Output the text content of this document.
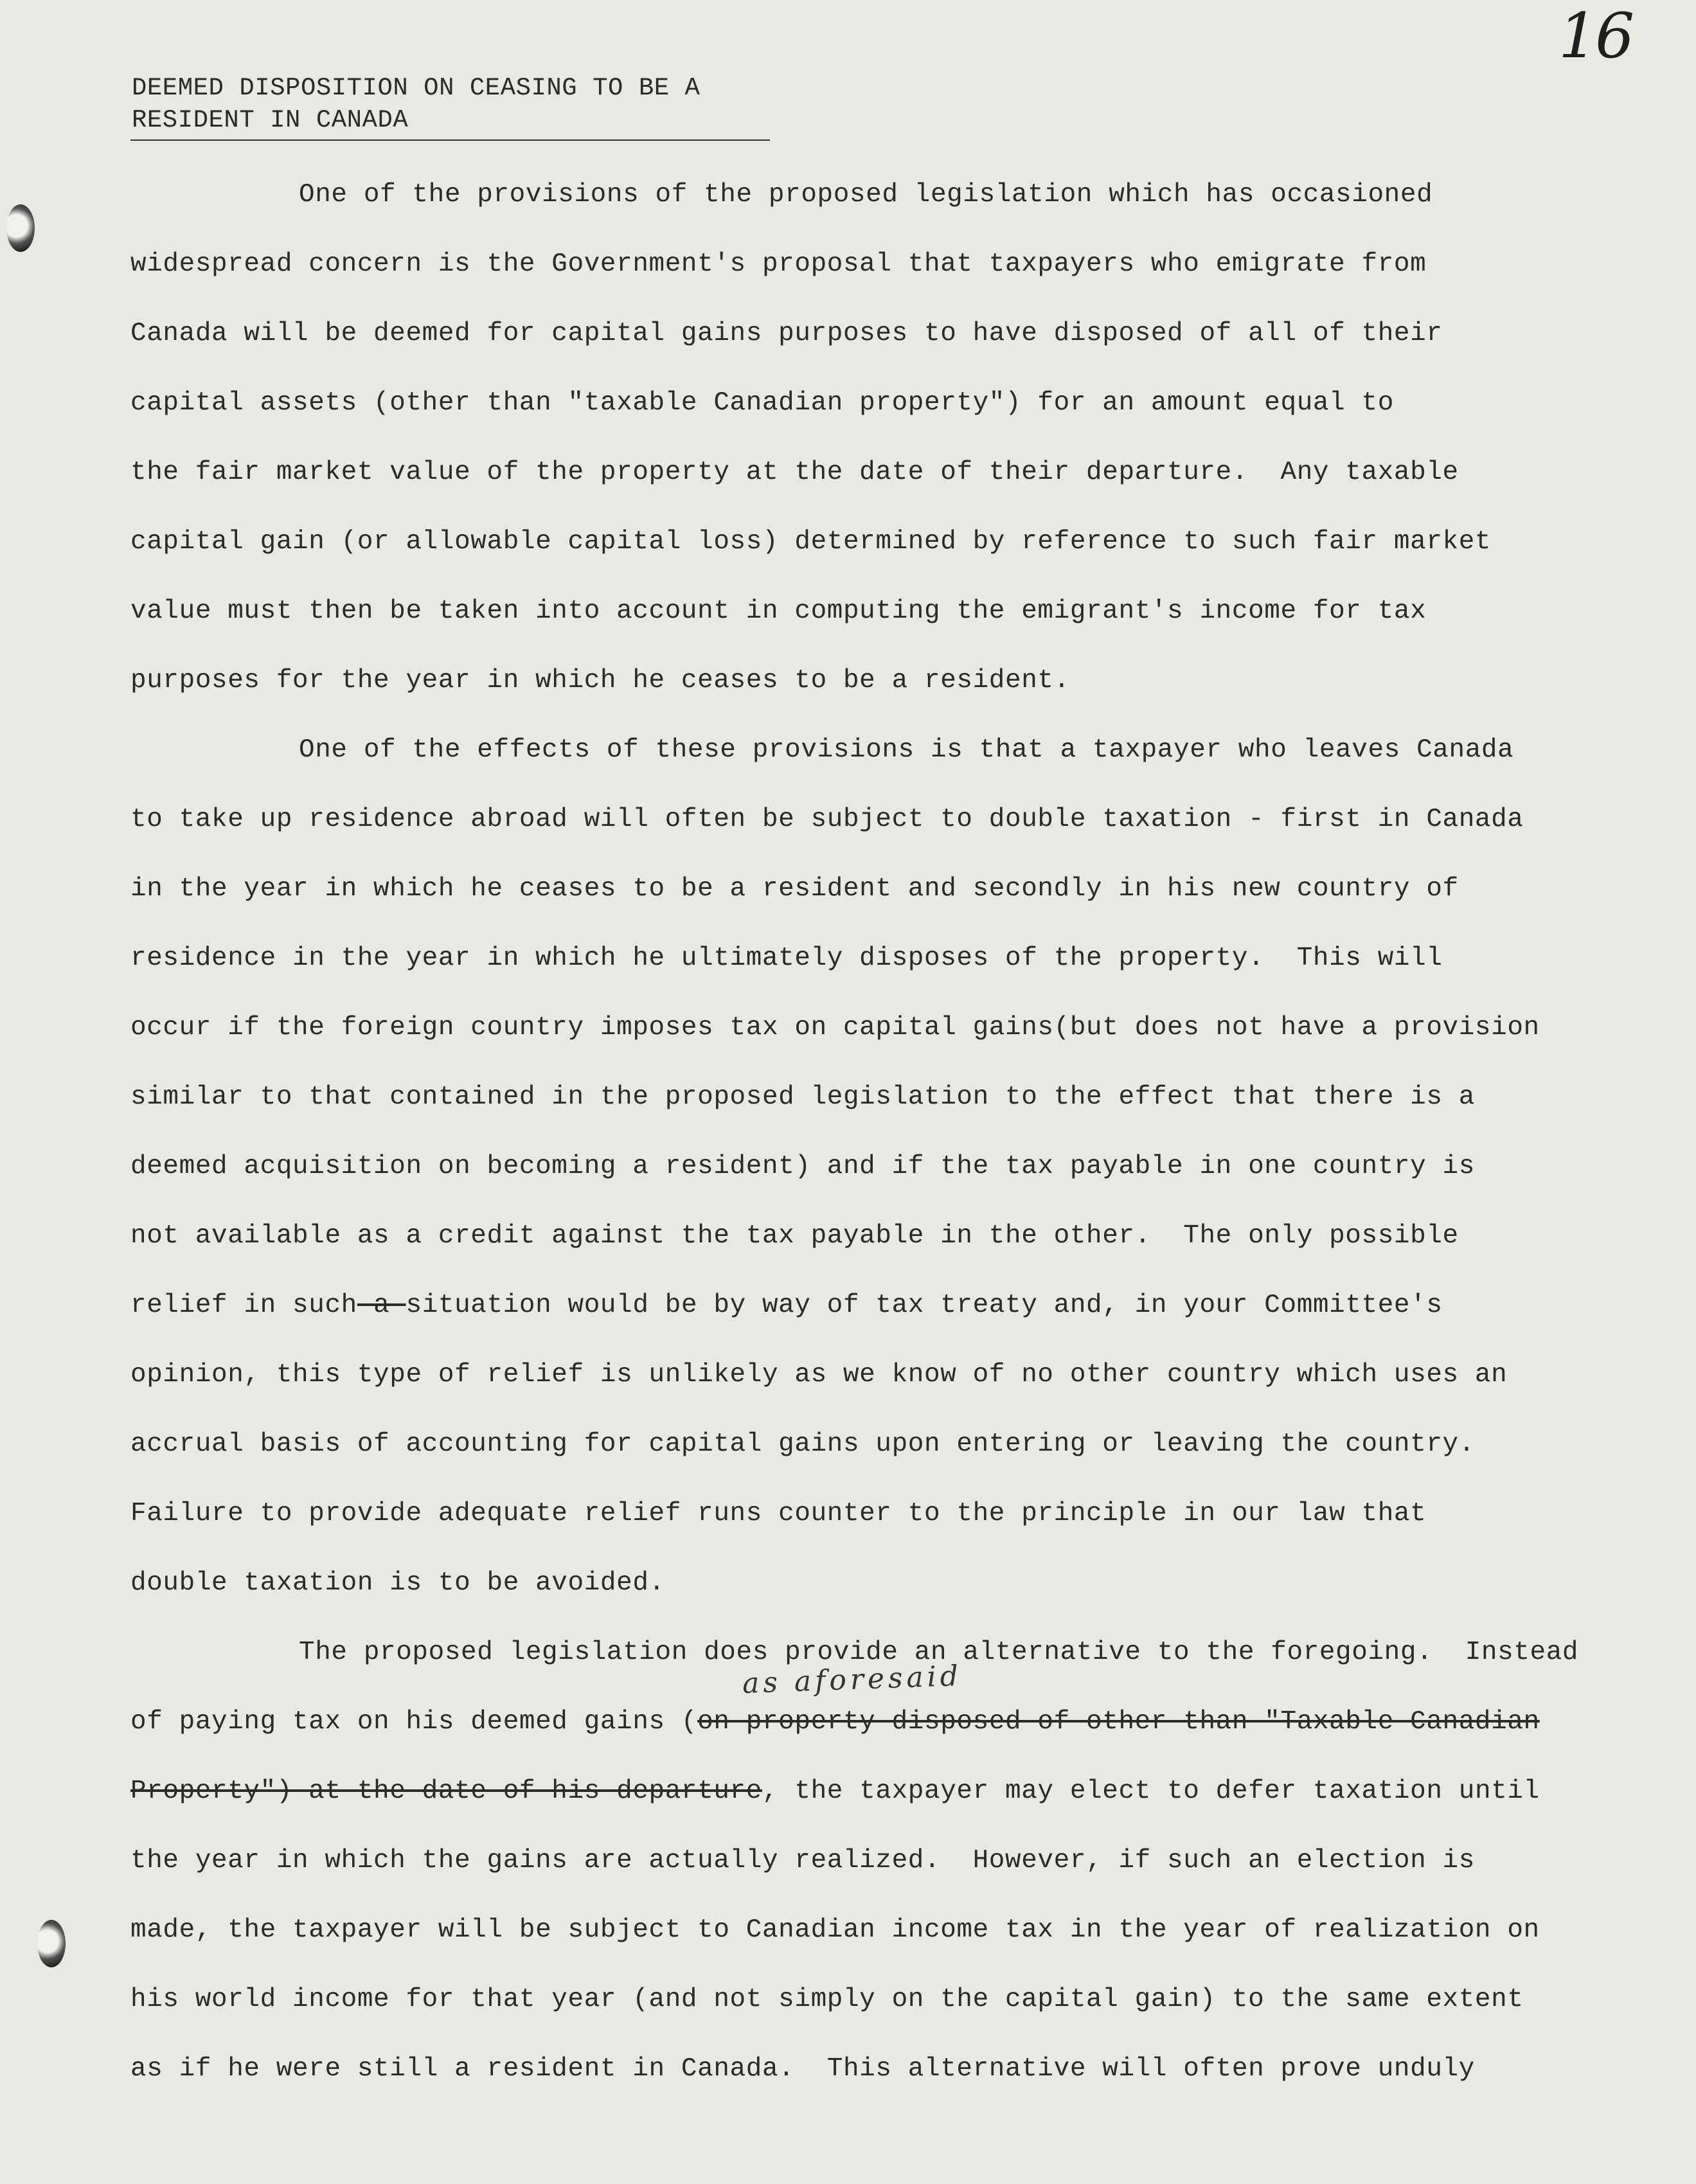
16
DEEMED DISPOSITION ON CEASING TO BE A
RESIDENT IN CANADA
One of the provisions of the proposed legislation which has occasioned
widespread concern is the Government's proposal that taxpayers who emigrate from
Canada will be deemed for capital gains purposes to have disposed of all of their
capital assets (other than "taxable Canadian property") for an amount equal to
the fair market value of the property at the date of their departure.  Any taxable
capital gain (or allowable capital loss) determined by reference to such fair market
value must then be taken into account in computing the emigrant's income for tax
purposes for the year in which he ceases to be a resident.
One of the effects of these provisions is that a taxpayer who leaves Canada
to take up residence abroad will often be subject to double taxation - first in Canada
in the year in which he ceases to be a resident and secondly in his new country of
residence in the year in which he ultimately disposes of the property.  This will
occur if the foreign country imposes tax on capital gains(but does not have a provision
similar to that contained in the proposed legislation to the effect that there is a
deemed acquisition on becoming a resident) and if the tax payable in one country is
not available as a credit against the tax payable in the other.  The only possible
relief in such a situation would be by way of tax treaty and, in your Committee's
opinion, this type of relief is unlikely as we know of no other country which uses an
accrual basis of accounting for capital gains upon entering or leaving the country.
Failure to provide adequate relief runs counter to the principle in our law that
double taxation is to be avoided.
The proposed legislation does provide an alternative to the foregoing.  Instead
as aforesaid
of paying tax on his deemed gains (on property disposed of other than "Taxable Canadian
Property") at the date of his departure, the taxpayer may elect to defer taxation until
the year in which the gains are actually realized.  However, if such an election is
made, the taxpayer will be subject to Canadian income tax in the year of realization on
his world income for that year (and not simply on the capital gain) to the same extent
as if he were still a resident in Canada.  This alternative will often prove unduly
